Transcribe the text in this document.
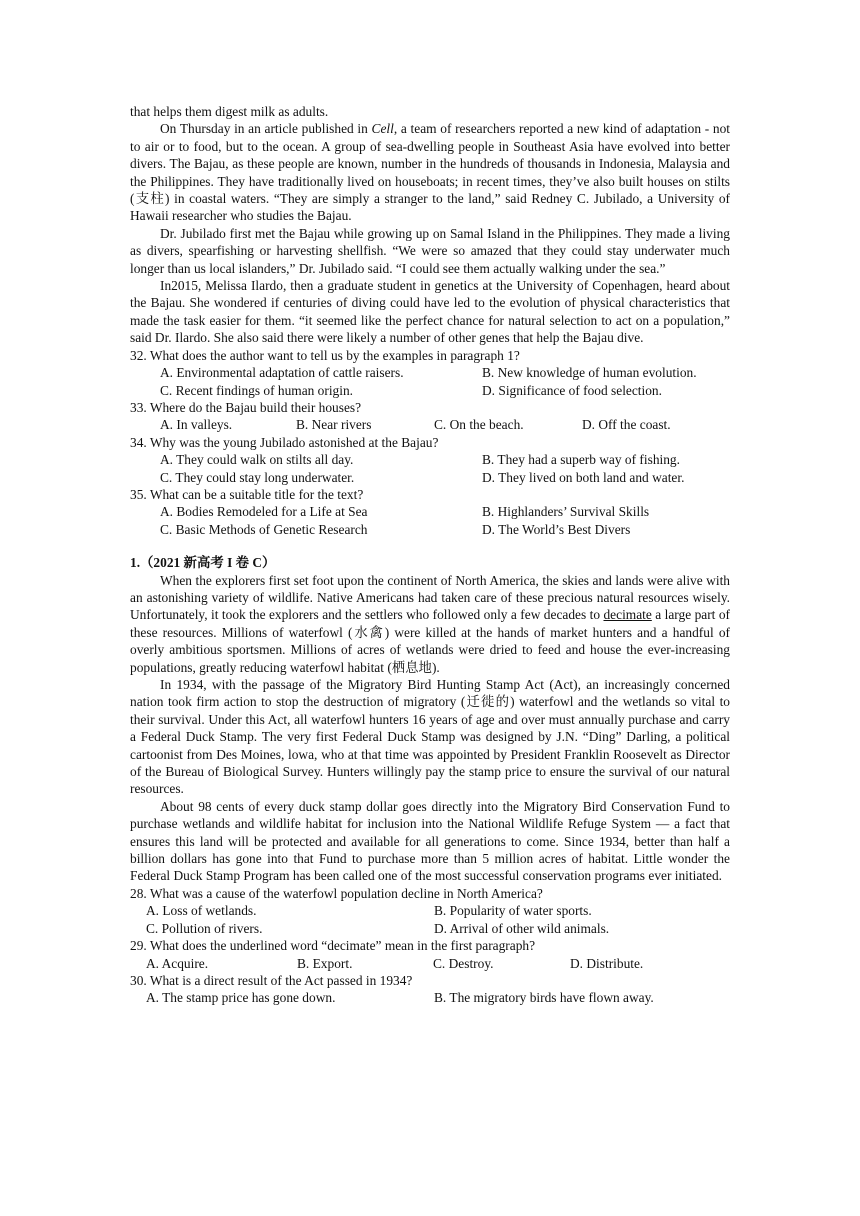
that helps them digest milk as adults.

On Thursday in an article published in Cell, a team of researchers reported a new kind of adaptation - not to air or to food, but to the ocean. A group of sea-dwelling people in Southeast Asia have evolved into better divers. The Bajau, as these people are known, number in the hundreds of thousands in Indonesia, Malaysia and the Philippines. They have traditionally lived on houseboats; in recent times, they’ve also built houses on stilts (支柱) in coastal waters. “They are simply a stranger to the land,” said Redney C. Jubilado, a University of Hawaii researcher who studies the Bajau.

Dr. Jubilado first met the Bajau while growing up on Samal Island in the Philippines. They made a living as divers, spearfishing or harvesting shellfish. “We were so amazed that they could stay underwater much longer than us local islanders,” Dr. Jubilado said. “I could see them actually walking under the sea.”

In2015, Melissa Ilardo, then a graduate student in genetics at the University of Copenhagen, heard about the Bajau. She wondered if centuries of diving could have led to the evolution of physical characteristics that made the task easier for them. “it seemed like the perfect chance for natural selection to act on a population,” said Dr. Ilardo. She also said there were likely a number of other genes that help the Bajau dive.

32. What does the author want to tell us by the examples in paragraph 1?

A. Environmental adaptation of cattle raisers.	B. New knowledge of human evolution.
C. Recent findings of human origin.	D. Significance of food selection.

33. Where do the Bajau build their houses?

A. In valleys.	B. Near rivers	C. On the beach.	D. Off the coast.

34. Why was the young Jubilado astonished at the Bajau?

A. They could walk on stilts all day.	B. They had a superb way of fishing.
C. They could stay long underwater.	D. They lived on both land and water.

35. What can be a suitable title for the text?

A. Bodies Remodeled for a Life at Sea	B. Highlanders’ Survival Skills
C. Basic Methods of Genetic Research	D. The World’s Best Divers

1.（2021 新高考 I 卷 C）

When the explorers first set foot upon the continent of North America, the skies and lands were alive with an astonishing variety of wildlife. Native Americans had taken care of these precious natural resources wisely. Unfortunately, it took the explorers and the settlers who followed only a few decades to decimate a large part of these resources. Millions of waterfowl (水禽) were killed at the hands of market hunters and a handful of overly ambitious sportsmen. Millions of acres of wetlands were dried to feed and house the ever-increasing populations, greatly reducing waterfowl habitat (栖息地).

In 1934, with the passage of the Migratory Bird Hunting Stamp Act (Act), an increasingly concerned nation took firm action to stop the destruction of migratory (迁徙的) waterfowl and the wetlands so vital to their survival. Under this Act, all waterfowl hunters 16 years of age and over must annually purchase and carry a Federal Duck Stamp. The very first Federal Duck Stamp was designed by J.N. “Ding” Darling, a political cartoonist from Des Moines, lowa, who at that time was appointed by President Franklin Roosevelt as Director of the Bureau of Biological Survey. Hunters willingly pay the stamp price to ensure the survival of our natural resources.

About 98 cents of every duck stamp dollar goes directly into the Migratory Bird Conservation Fund to purchase wetlands and wildlife habitat for inclusion into the National Wildlife Refuge System — a fact that ensures this land will be protected and available for all generations to come. Since 1934, better than half a billion dollars has gone into that Fund to purchase more than 5 million acres of habitat. Little wonder the Federal Duck Stamp Program has been called one of the most successful conservation programs ever initiated.

28. What was a cause of the waterfowl population decline in North America?

A. Loss of wetlands.	B. Popularity of water sports.
C. Pollution of rivers.	D. Arrival of other wild animals.

29. What does the underlined word “decimate” mean in the first paragraph?

A. Acquire.	B. Export.	C. Destroy.	D. Distribute.

30. What is a direct result of the Act passed in 1934?

A. The stamp price has gone down.	B. The migratory birds have flown away.
